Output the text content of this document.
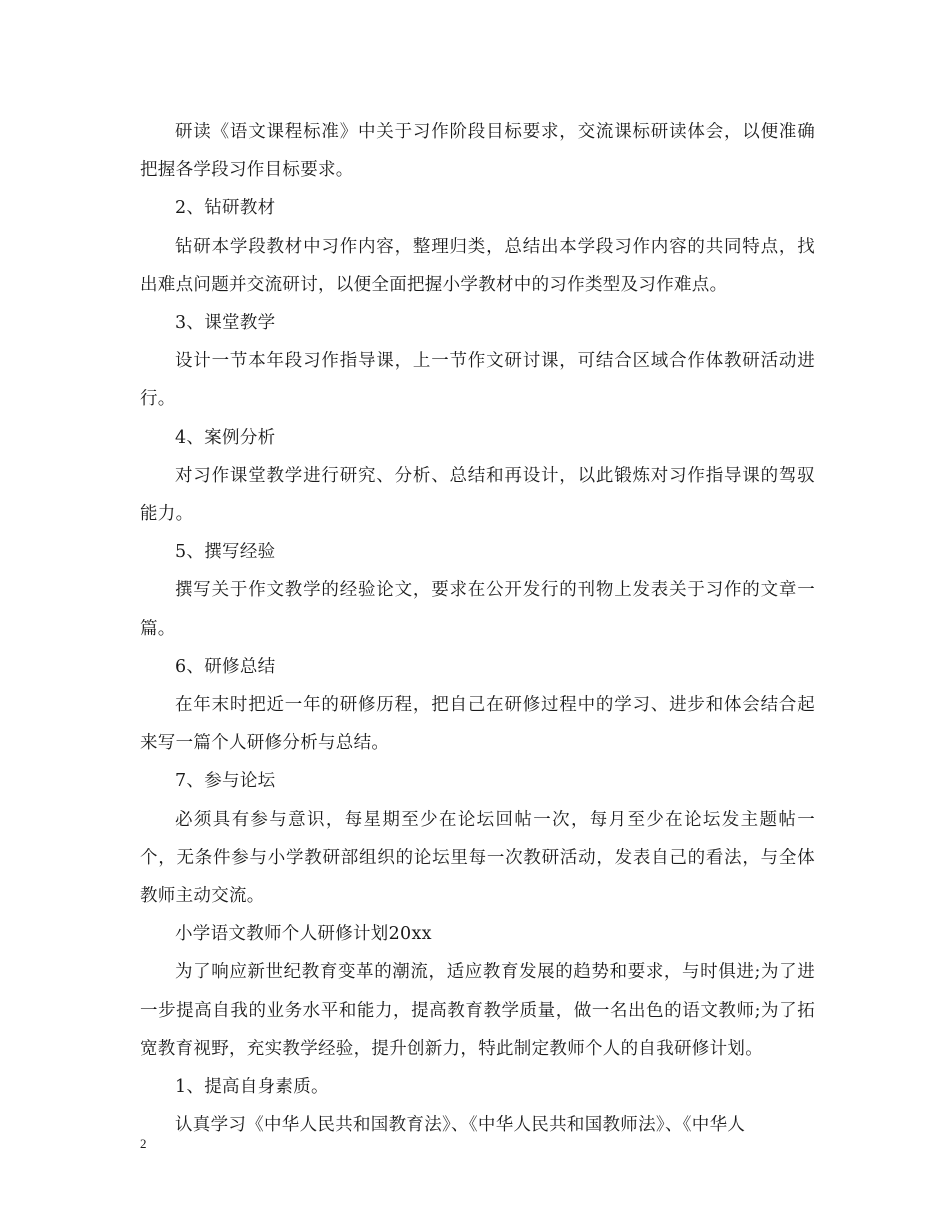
研读《语文课程标准》中关于习作阶段目标要求，交流课标研读体会，以便准确把握各学段习作目标要求。

2、钻研教材

钻研本学段教材中习作内容，整理归类，总结出本学段习作内容的共同特点，找出难点问题并交流研讨，以便全面把握小学教材中的习作类型及习作难点。

3、课堂教学

设计一节本年段习作指导课，上一节作文研讨课，可结合区域合作体教研活动进行。

4、案例分析

对习作课堂教学进行研究、分析、总结和再设计，以此锻炼对习作指导课的驾驭能力。

5、撰写经验

撰写关于作文教学的经验论文，要求在公开发行的刊物上发表关于习作的文章一篇。

6、研修总结

在年末时把近一年的研修历程，把自己在研修过程中的学习、进步和体会结合起来写一篇个人研修分析与总结。

7、参与论坛

必须具有参与意识，每星期至少在论坛回帖一次，每月至少在论坛发主题帖一个，无条件参与小学教研部组织的论坛里每一次教研活动，发表自己的看法，与全体教师主动交流。

小学语文教师个人研修计划20xx

为了响应新世纪教育变革的潮流，适应教育发展的趋势和要求，与时俱进;为了进一步提高自我的业务水平和能力，提高教育教学质量，做一名出色的语文教师;为了拓宽教育视野，充实教学经验，提升创新力，特此制定教师个人的自我研修计划。

1、提高自身素质。

认真学习《中华人民共和国教育法》、《中华人民共和国教师法》、《中华人

2
